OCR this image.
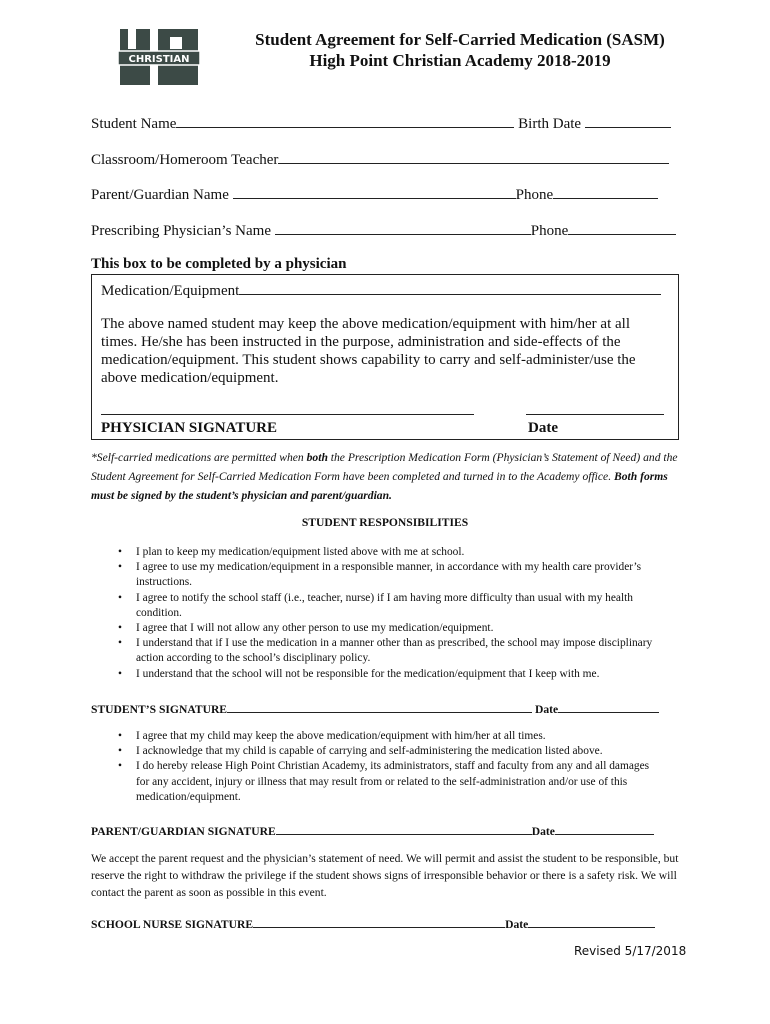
CHRISTIAN
Student Agreement for Self-Carried Medication (SASM)
High Point Christian Academy 2018-2019
Student Name	Birth Date
Classroom/Homeroom Teacher
Parent/Guardian Name	Phone
Prescribing Physician’s Name	Phone
This box to be completed by a physician
Medication/Equipment
The above named student may keep the above medication/equipment with him/her at all times. He/she has been instructed in the purpose, administration and side-effects of the medication/equipment. This student shows capability to carry and self-administer/use the above medication/equipment.
PHYSICIAN SIGNATURE	Date
*Self-carried medications are permitted when both the Prescription Medication Form (Physician’s Statement of Need) and the Student Agreement for Self-Carried Medication Form have been completed and turned in to the Academy office. Both forms must be signed by the student’s physician and parent/guardian.
STUDENT RESPONSIBILITIES
• I plan to keep my medication/equipment listed above with me at school.
• I agree to use my medication/equipment in a responsible manner, in accordance with my health care provider’s instructions.
• I agree to notify the school staff (i.e., teacher, nurse) if I am having more difficulty than usual with my health condition.
• I agree that I will not allow any other person to use my medication/equipment.
• I understand that if I use the medication in a manner other than as prescribed, the school may impose disciplinary action according to the school’s disciplinary policy.
• I understand that the school will not be responsible for the medication/equipment that I keep with me.
STUDENT’S SIGNATURE	Date
• I agree that my child may keep the above medication/equipment with him/her at all times.
• I acknowledge that my child is capable of carrying and self-administering the medication listed above.
• I do hereby release High Point Christian Academy, its administrators, staff and faculty from any and all damages for any accident, injury or illness that may result from or related to the self-administration and/or use of this medication/equipment.
PARENT/GUARDIAN SIGNATURE	Date
We accept the parent request and the physician’s statement of need. We will permit and assist the student to be responsible, but reserve the right to withdraw the privilege if the student shows signs of irresponsible behavior or there is a safety risk. We will contact the parent as soon as possible in this event.
SCHOOL NURSE SIGNATURE	Date
Revised 5/17/2018
